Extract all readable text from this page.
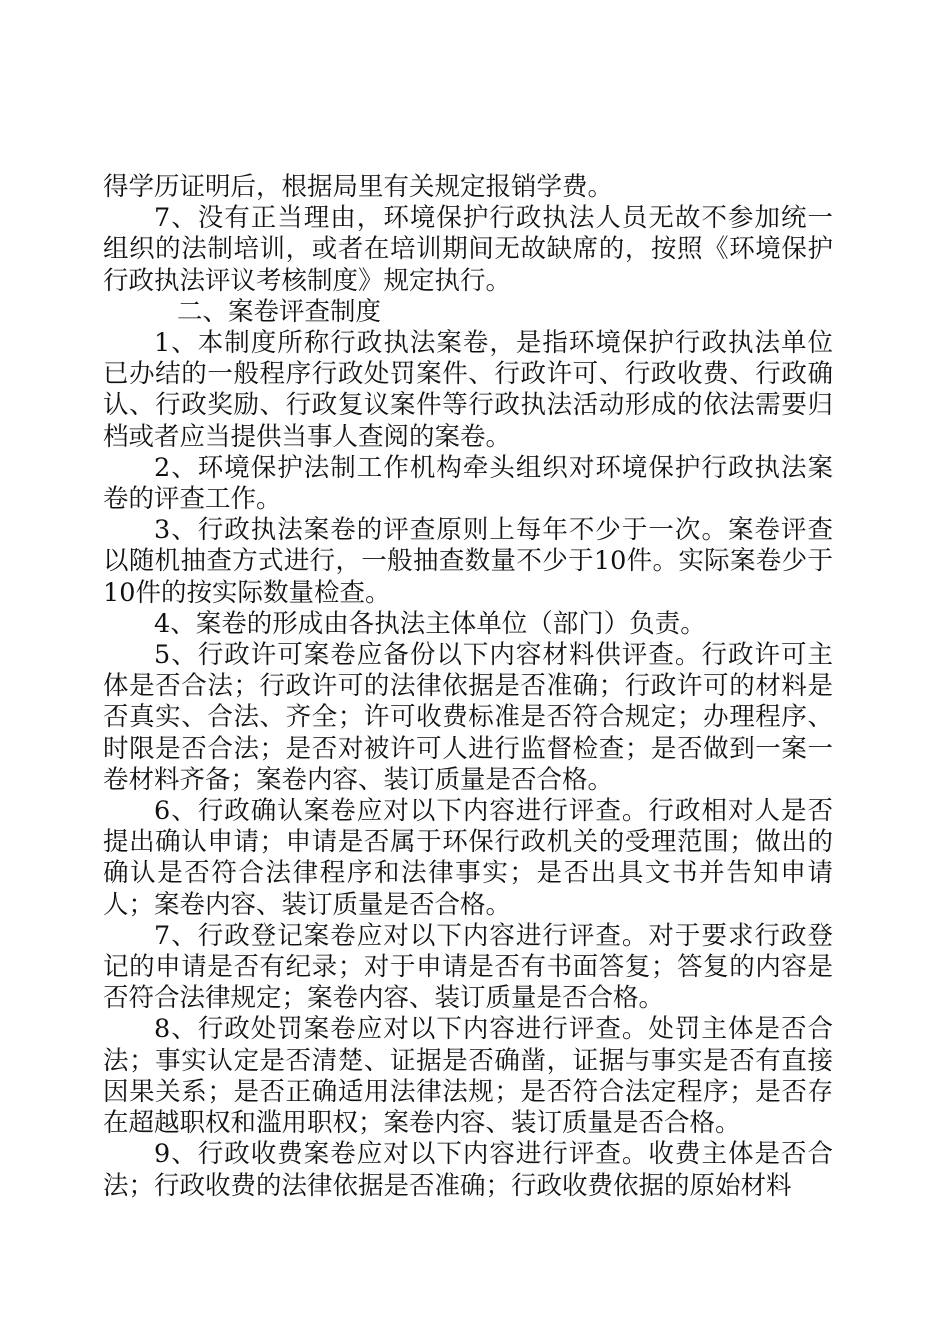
得学历证明后，根据局里有关规定报销学费。

7、没有正当理由，环境保护行政执法人员无故不参加统一组织的法制培训，或者在培训期间无故缺席的，按照《环境保护行政执法评议考核制度》规定执行。

二、案卷评查制度

1、本制度所称行政执法案卷，是指环境保护行政执法单位已办结的一般程序行政处罚案件、行政许可、行政收费、行政确认、行政奖励、行政复议案件等行政执法活动形成的依法需要归档或者应当提供当事人查阅的案卷。

2、环境保护法制工作机构牵头组织对环境保护行政执法案卷的评查工作。

3、行政执法案卷的评查原则上每年不少于一次。案卷评查以随机抽查方式进行，一般抽查数量不少于10件。实际案卷少于10件的按实际数量检查。

4、案卷的形成由各执法主体单位（部门）负责。

5、行政许可案卷应备份以下内容材料供评查。行政许可主体是否合法；行政许可的法律依据是否准确；行政许可的材料是否真实、合法、齐全；许可收费标准是否符合规定；办理程序、时限是否合法；是否对被许可人进行监督检查；是否做到一案一卷材料齐备；案卷内容、装订质量是否合格。

6、行政确认案卷应对以下内容进行评查。行政相对人是否提出确认申请；申请是否属于环保行政机关的受理范围；做出的确认是否符合法律程序和法律事实；是否出具文书并告知申请人；案卷内容、装订质量是否合格。

7、行政登记案卷应对以下内容进行评查。对于要求行政登记的申请是否有纪录；对于申请是否有书面答复；答复的内容是否符合法律规定；案卷内容、装订质量是否合格。

8、行政处罚案卷应对以下内容进行评查。处罚主体是否合法；事实认定是否清楚、证据是否确凿，证据与事实是否有直接因果关系；是否正确适用法律法规；是否符合法定程序；是否存在超越职权和滥用职权；案卷内容、装订质量是否合格。

9、行政收费案卷应对以下内容进行评查。收费主体是否合法；行政收费的法律依据是否准确；行政收费依据的原始材料
